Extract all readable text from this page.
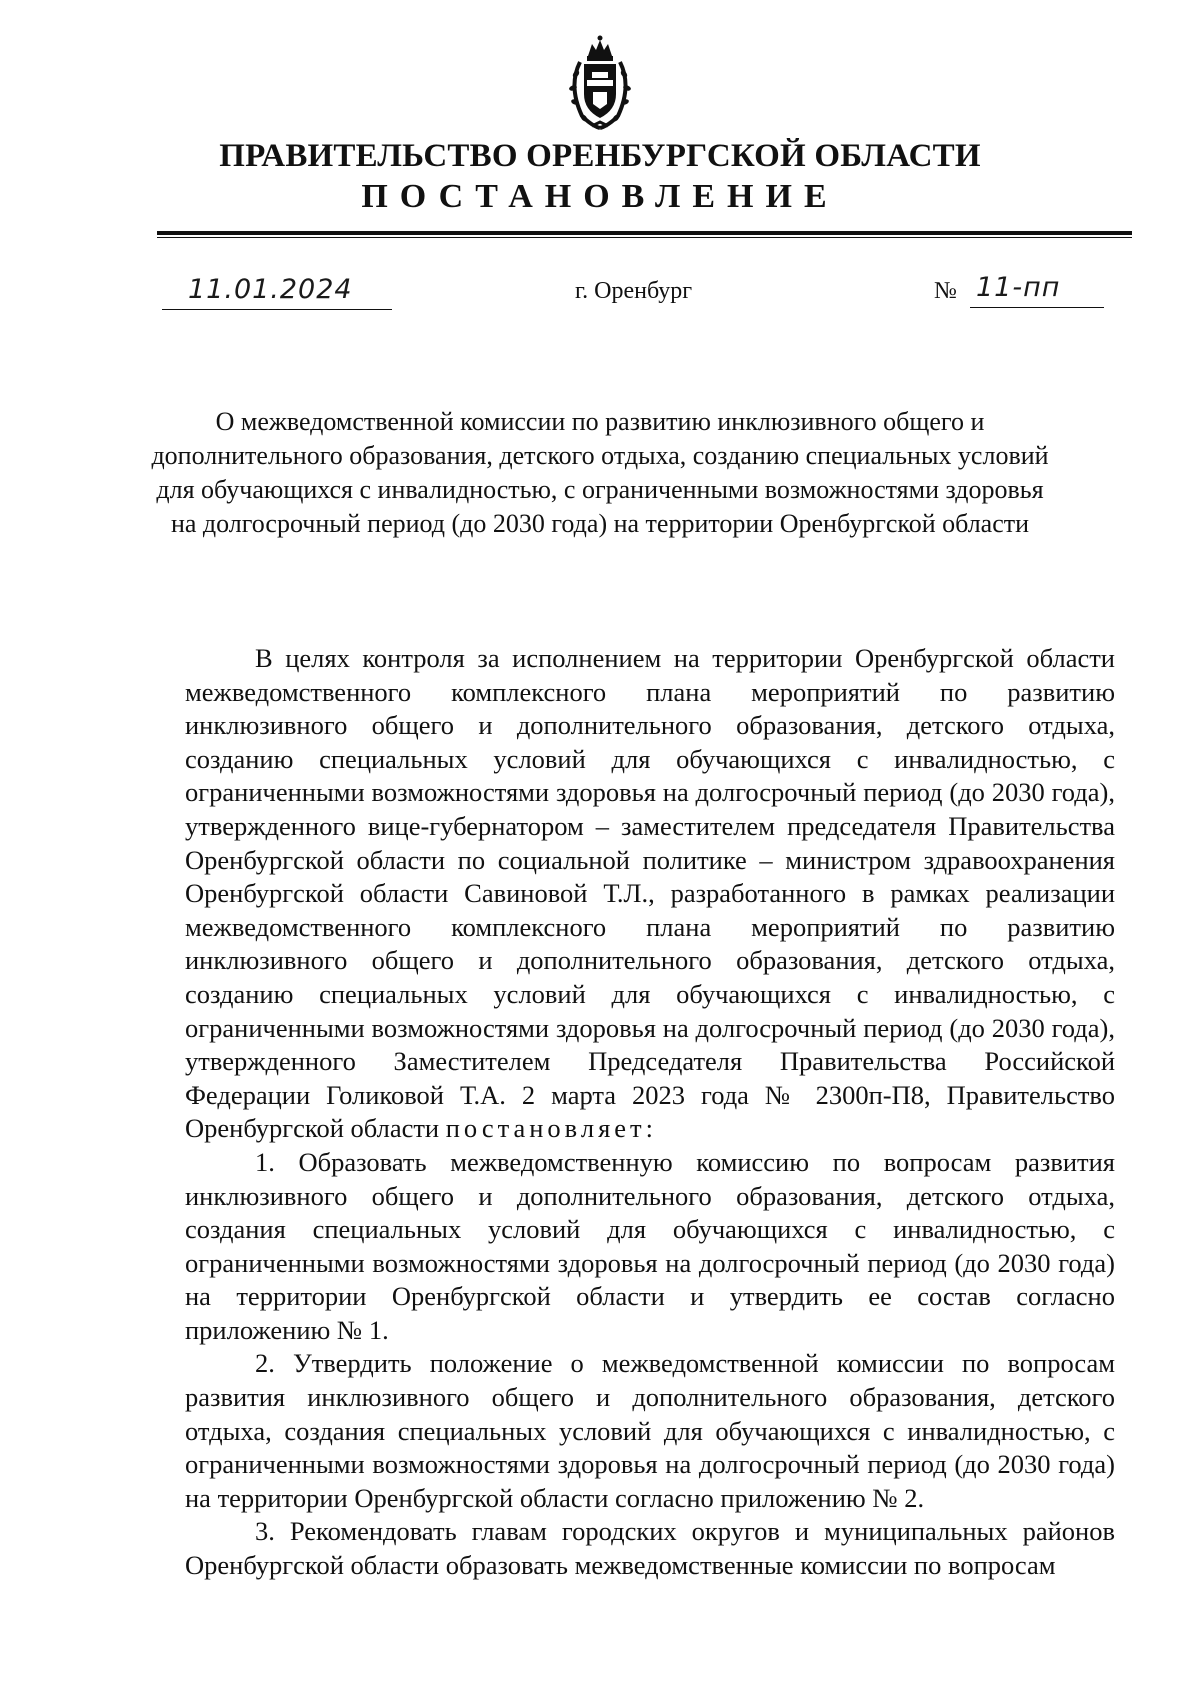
ПРАВИТЕЛЬСТВО ОРЕНБУРГСКОЙ ОБЛАСТИ
ПОСТАНОВЛЕНИЕ
11.01.2024	г. Оренбург	№ 11-пп
О межведомственной комиссии по развитию инклюзивного общего и дополнительного образования, детского отдыха, созданию специальных условий для обучающихся с инвалидностью, с ограниченными возможностями здоровья на долгосрочный период (до 2030 года) на территории Оренбургской области

В целях контроля за исполнением на территории Оренбургской области межведомственного комплексного плана мероприятий по развитию инклюзивного общего и дополнительного образования, детского отдыха, созданию специальных условий для обучающихся с инвалидностью, с ограниченными возможностями здоровья на долгосрочный период (до 2030 года), утвержденного вице-губернатором – заместителем председателя Правительства Оренбургской области по социальной политике – министром здравоохранения Оренбургской области Савиновой Т.Л., разработанного в рамках реализации межведомственного комплексного плана мероприятий по развитию инклюзивного общего и дополнительного образования, детского отдыха, созданию специальных условий для обучающихся с инвалидностью, с ограниченными возможностями здоровья на долгосрочный период (до 2030 года), утвержденного Заместителем Председателя Правительства Российской Федерации Голиковой Т.А. 2 марта 2023 года № 2300п-П8, Правительство Оренбургской области постановляет:

1. Образовать межведомственную комиссию по вопросам развития инклюзивного общего и дополнительного образования, детского отдыха, создания специальных условий для обучающихся с инвалидностью, с ограниченными возможностями здоровья на долгосрочный период (до 2030 года) на территории Оренбургской области и утвердить ее состав согласно приложению № 1.

2. Утвердить положение о межведомственной комиссии по вопросам развития инклюзивного общего и дополнительного образования, детского отдыха, создания специальных условий для обучающихся с инвалидностью, с ограниченными возможностями здоровья на долгосрочный период (до 2030 года) на территории Оренбургской области согласно приложению № 2.

3. Рекомендовать главам городских округов и муниципальных районов Оренбургской области образовать межведомственные комиссии по вопросам
